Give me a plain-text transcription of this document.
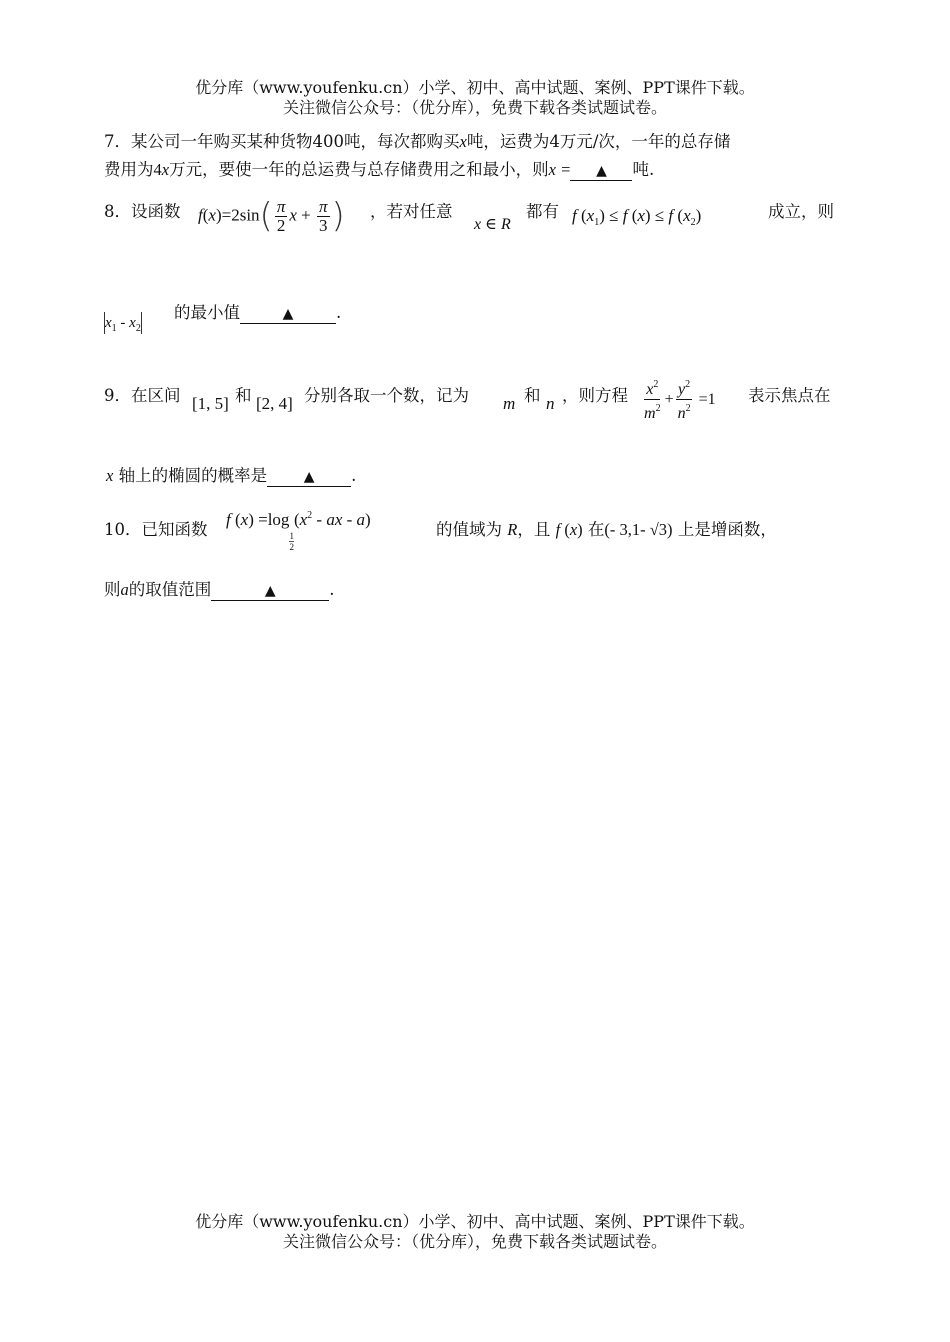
优分库（www.youfenku.cn）小学、初中、高中试题、案例、PPT课件下载。
关注微信公众号：（优分库），免费下载各类试题试卷。
7．某公司一年购买某种货物400吨，每次都购买x吨，运费为4万元/次，一年的总存储
费用为4x万元，要使一年的总运费与总存储费用之和最小，则x = ▲ 吨.
8．设函数 $f(x)=2\sin( \frac{\pi}{2}$ $x + \frac{\pi}{3}$ ) ，若对任意
x ∈ R
都有 f $(x_1) \le f$ (x) ≤ f $(x_2)$	成立，则
$x_1 - x_2$
的最小值	▲	.
9．在区间 [1, 5] 和 [2, 4] 分别各取一个数，记为 m 和 n ，则方程 $\frac{x^2}{m^2} + \frac{y^2}{n^2} =1$ 表示焦点在
x 轴上的椭圆的概率是	▲ .
10．已知函数
f (x) =log
$\frac{1}{2}$
($x^2$ - ax - a)
的值域为 R，且 f (x) 在(- 3,1- √3) 上是增函数，
则a的取值范围	▲	.
优分库（www.youfenku.cn）小学、初中、高中试题、案例、PPT课件下载。
关注微信公众号：（优分库），免费下载各类试题试卷。
